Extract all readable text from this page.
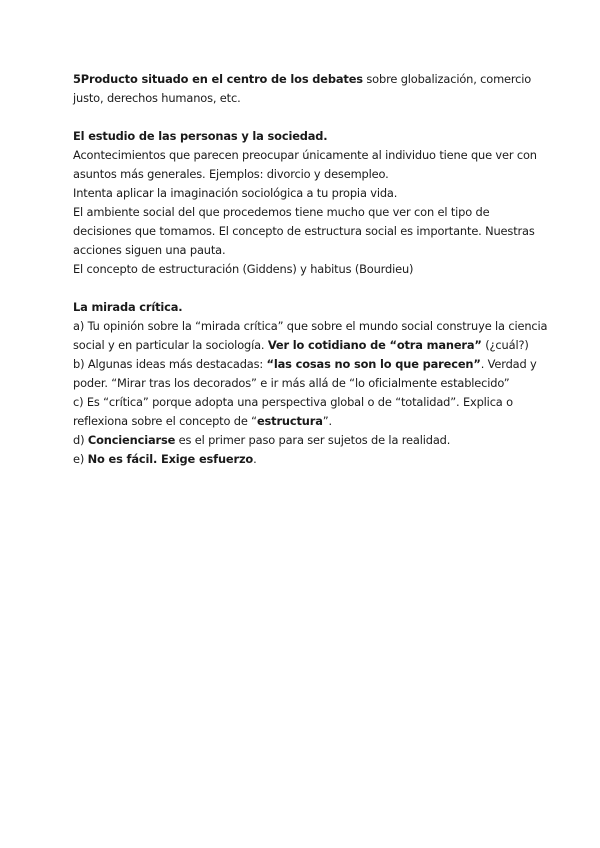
5Producto situado en el centro de los debates sobre globalización, comercio
justo, derechos humanos, etc.
El estudio de las personas y la sociedad.
Acontecimientos que parecen preocupar únicamente al individuo tiene que ver con
asuntos más generales. Ejemplos: divorcio y desempleo.
Intenta aplicar la imaginación sociológica a tu propia vida.
El ambiente social del que procedemos tiene mucho que ver con el tipo de
decisiones que tomamos. El concepto de estructura social es importante. Nuestras
acciones siguen una pauta.
El concepto de estructuración (Giddens) y habitus (Bourdieu)
La mirada crítica.
a) Tu opinión sobre la “mirada crítica” que sobre el mundo social construye la ciencia
social y en particular la sociología. Ver lo cotidiano de “otra manera” (¿cuál?)
b) Algunas ideas más destacadas: “las cosas no son lo que parecen”. Verdad y
poder. “Mirar tras los decorados” e ir más allá de “lo oficialmente establecido”
c) Es “crítica” porque adopta una perspectiva global o de “totalidad”. Explica o
reflexiona sobre el concepto de “estructura”.
d) Concienciarse es el primer paso para ser sujetos de la realidad.
e) No es fácil. Exige esfuerzo.
